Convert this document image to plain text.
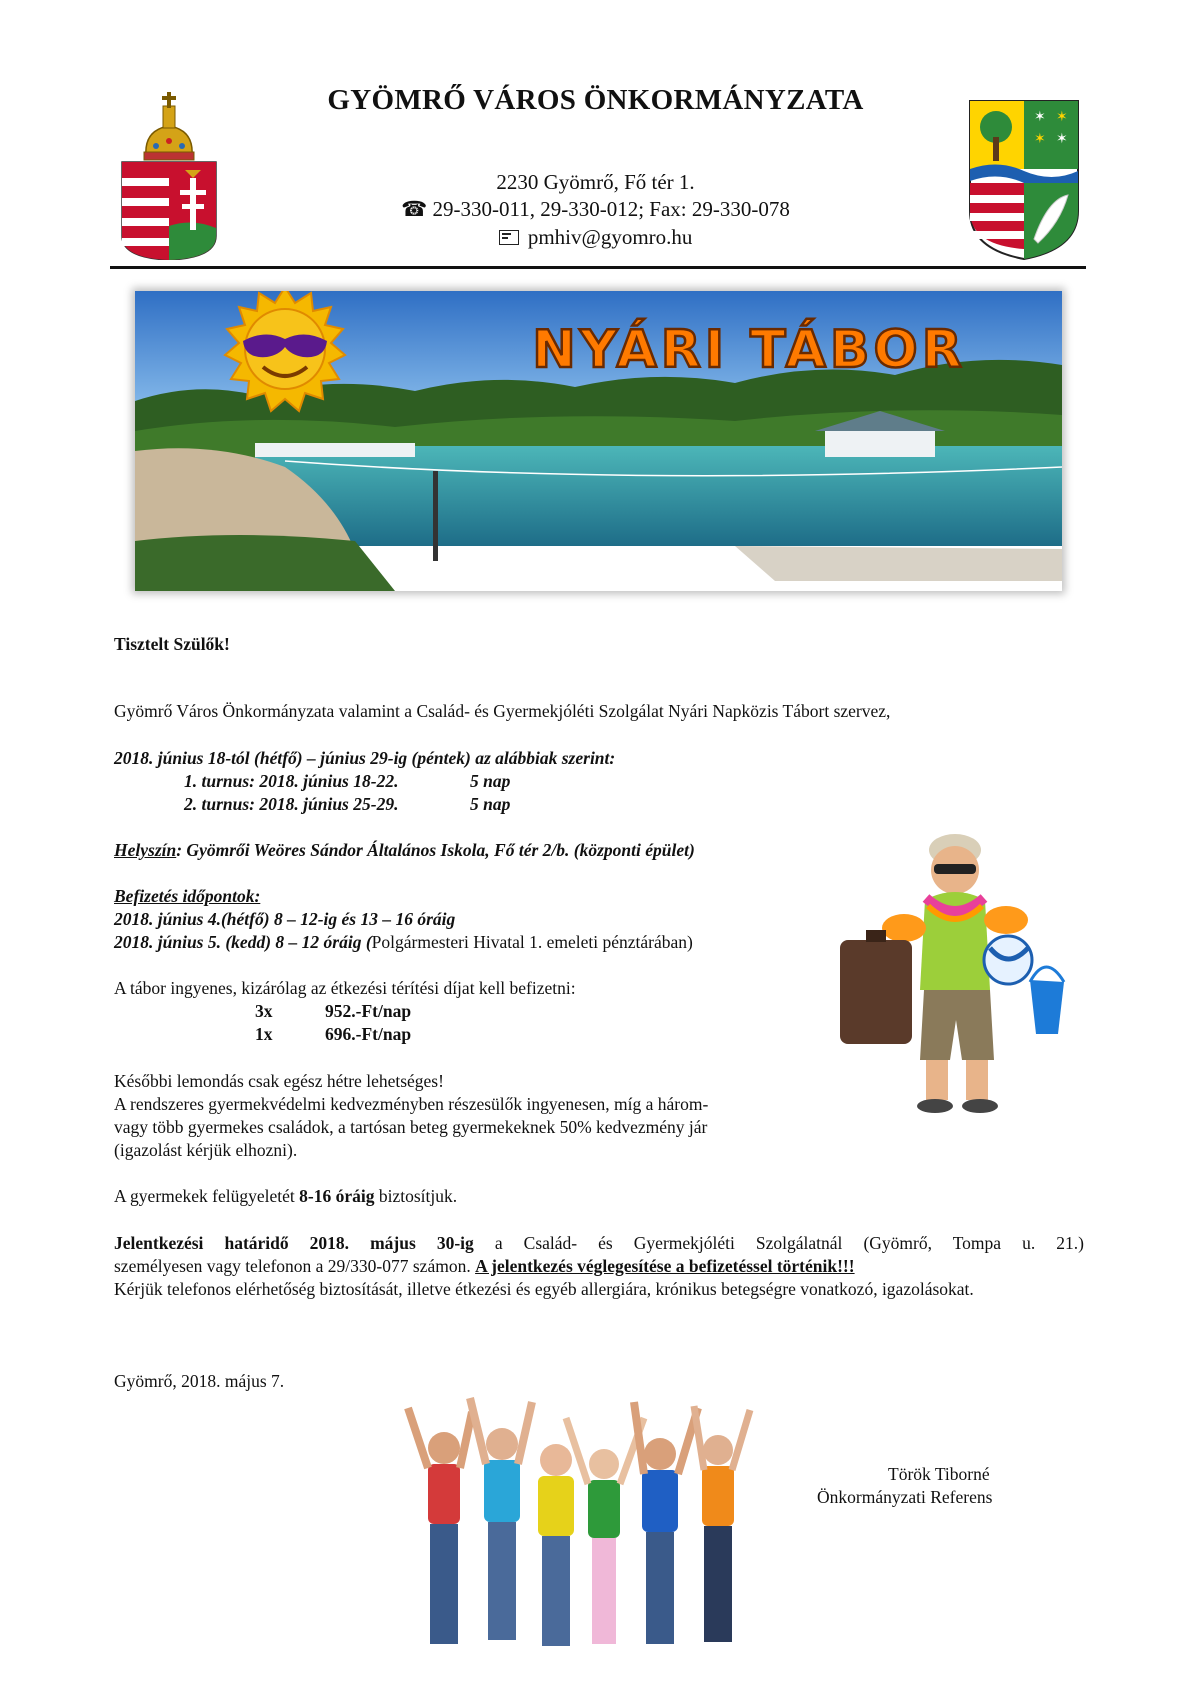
GYÖMRŐ VÁROS ÖNKORMÁNYZATA
✶ ✶
✶ ✶
2230 Gyömrő, Fő tér 1.
☎ 29-330-011, 29-330-012; Fax: 29-330-078
pmhiv@gyomro.hu
NYÁRI TÁBOR
Tisztelt Szülők!
Gyömrő Város Önkormányzata valamint a Család- és Gyermekjóléti Szolgálat Nyári Napközis Tábort szervez,
2018. június 18-tól (hétfő) – június 29-ig (péntek) az alábbiak szerint:
1. turnus: 2018. június 18-22.	5 nap
2. turnus: 2018. június 25-29.	5 nap
Helyszín: Gyömrői Weöres Sándor Általános Iskola, Fő tér 2/b. (központi épület)
Befizetés időpontok:
2018. június 4.(hétfő) 8 – 12-ig és 13 – 16 óráig
2018. június 5. (kedd) 8 – 12 óráig (Polgármesteri Hivatal 1. emeleti pénztárában)
A tábor ingyenes, kizárólag az étkezési térítési díjat kell befizetni:
3x	952.-Ft/nap
1x	696.-Ft/nap
Későbbi lemondás csak egész hétre lehetséges!
A rendszeres gyermekvédelmi kedvezményben részesülők ingyenesen, míg a három-
vagy több gyermekes családok, a tartósan beteg gyermekeknek 50% kedvezmény jár
(igazolást kérjük elhozni).
A gyermekek felügyeletét 8-16 óráig biztosítjuk.
Jelentkezési határidő 2018. május 30-ig a Család- és Gyermekjóléti Szolgálatnál (Gyömrő, Tompa u. 21.)
személyesen vagy telefonon a 29/330-077 számon. A jelentkezés véglegesítése a befizetéssel történik!!!
Kérjük telefonos elérhetőség biztosítását, illetve étkezési és egyéb allergiára, krónikus betegségre vonatkozó, igazolásokat.
Gyömrő, 2018. május 7.
Török Tiborné
Önkormányzati Referens
